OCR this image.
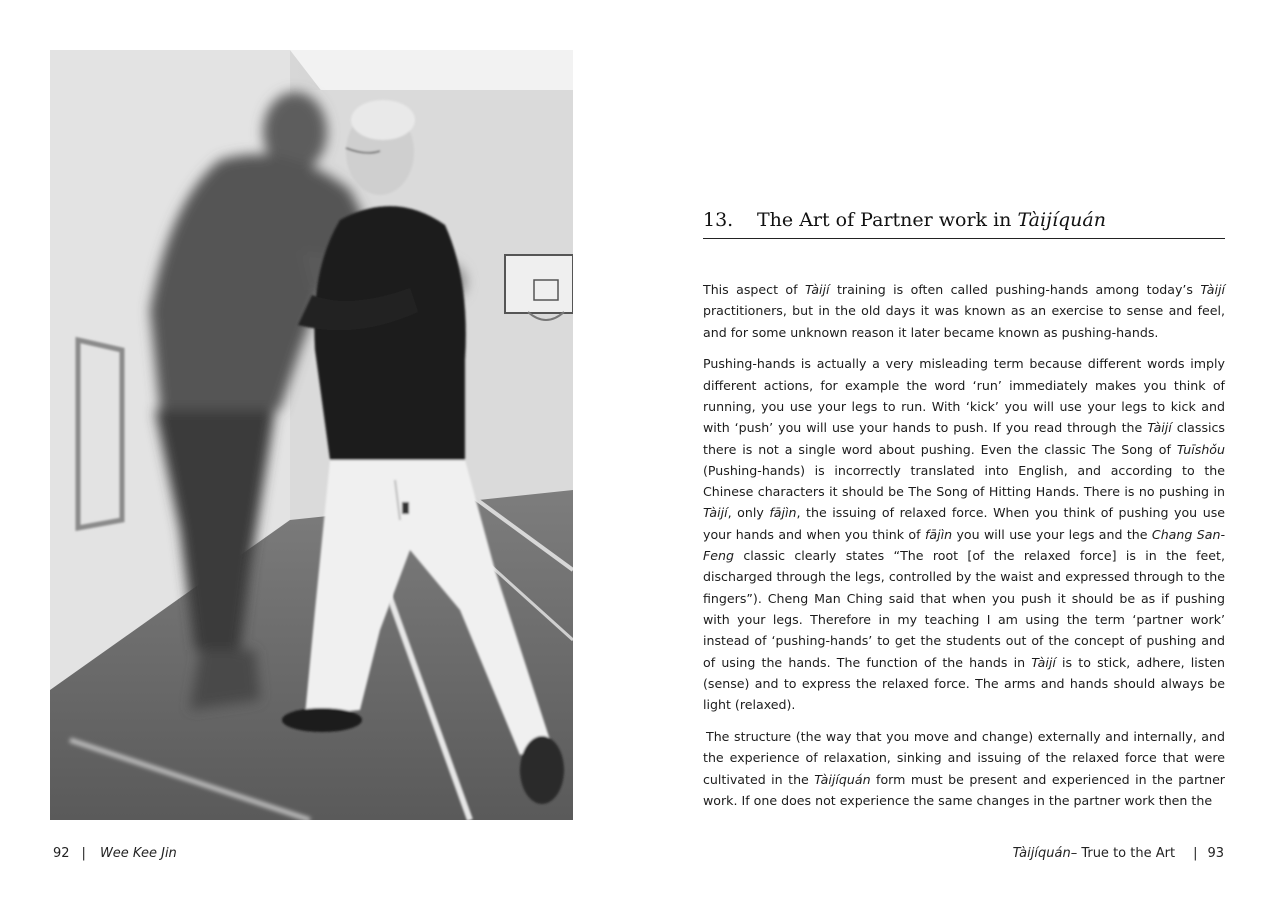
92 | Wee Kee Jin
13.	The Art of Partner work in Tàijíquán

This aspect of Tàijí training is often called pushing-hands among today’s Tàijí practitioners, but in the old days it was known as an exercise to sense and feel, and for some unknown reason it later became known as pushing-hands.

Pushing-hands is actually a very misleading term because different words imply different actions, for example the word ‘run’ immediately makes you think of running, you use your legs to run. With ‘kick’ you will use your legs to kick and with ‘push’ you will use your hands to push. If you read through the Tàijí classics there is not a single word about pushing. Even the classic The Song of Tuīshǒu (Pushing-hands) is incorrectly translated into English, and according to the Chinese characters it should be The Song of Hitting Hands. There is no pushing in Tàijí, only fājìn, the issuing of relaxed force. When you think of pushing you use your hands and when you think of fājìn you will use your legs and the Chang San-Feng classic clearly states “The root [of the relaxed force] is in the feet, discharged through the legs, controlled by the waist and expressed through to the fingers”). Cheng Man Ching said that when you push it should be as if pushing with your legs. Therefore in my teaching I am using the term ‘partner work’ instead of ‘pushing-hands’ to get the students out of the concept of pushing and of using the hands. The function of the hands in Tàijí is to stick, adhere, listen (sense) and to express the relaxed force. The arms and hands should always be light (relaxed).

The structure (the way that you move and change) externally and internally, and the experience of relaxation, sinking and issuing of the relaxed force that were cultivated in the Tàijíquán form must be present and experienced in the partner work. If one does not experience the same changes in the partner work then the

Tàijíquán – True to the Art | 93
